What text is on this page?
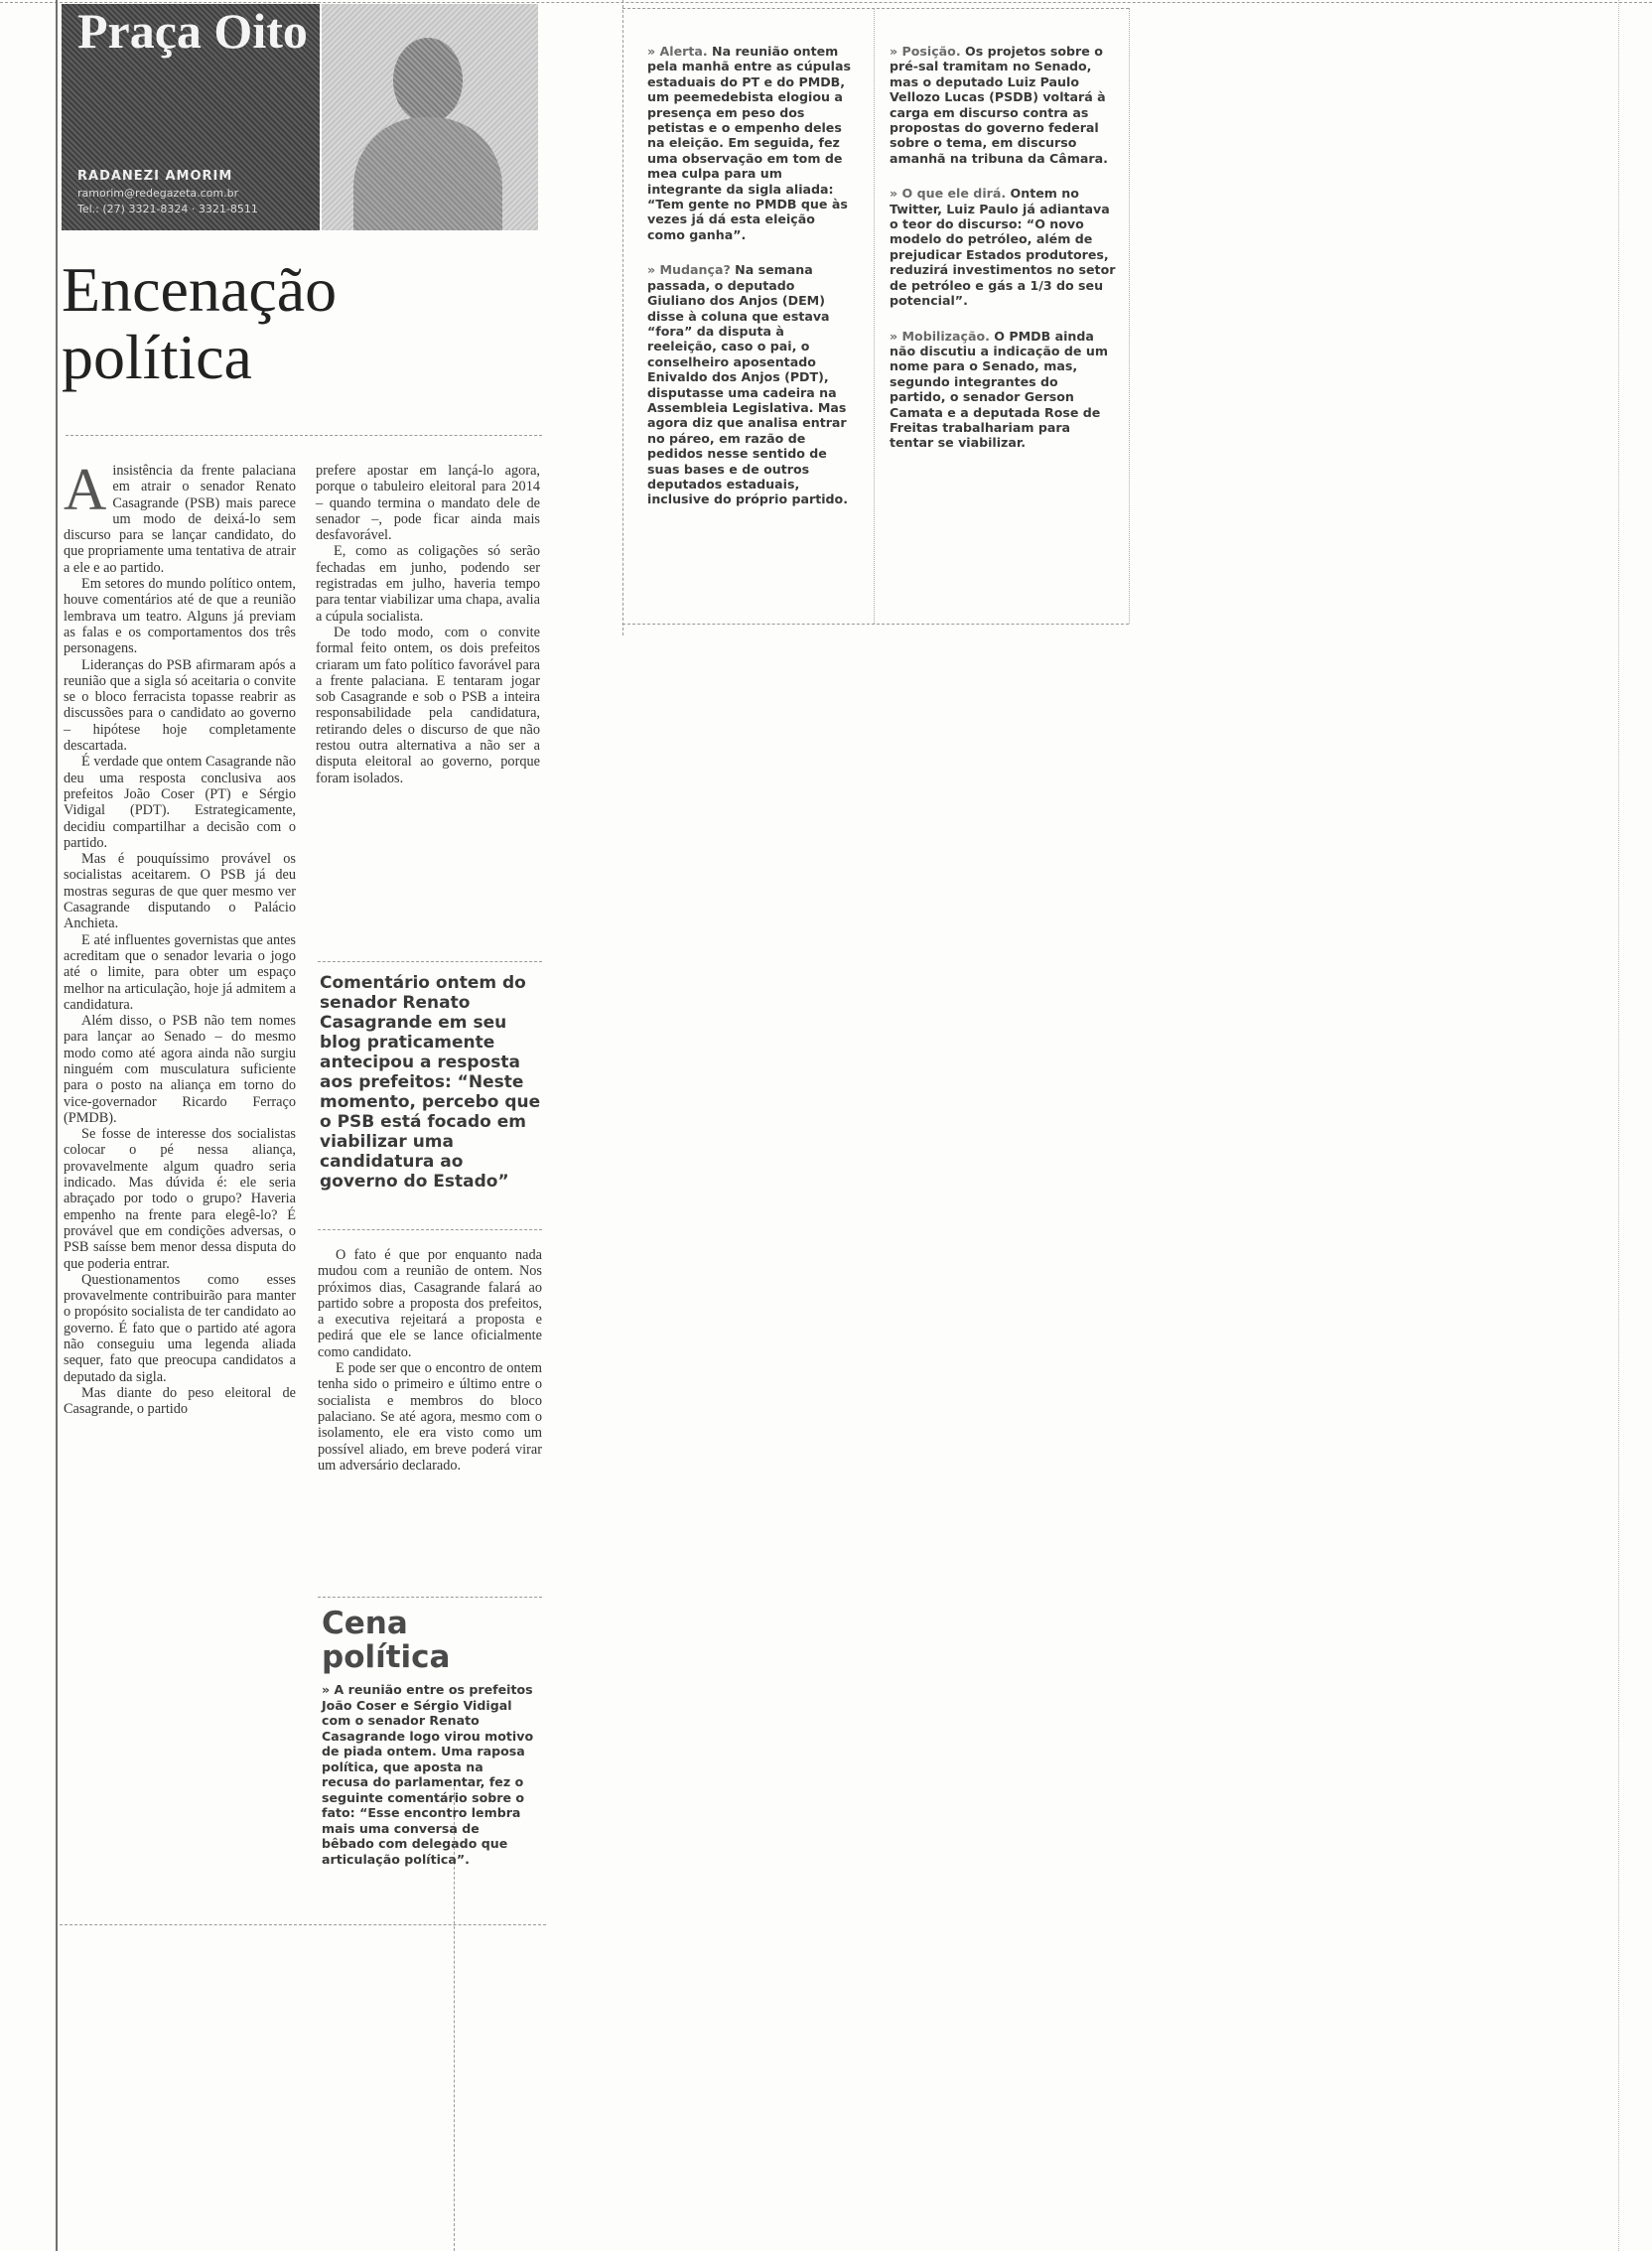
Praça Oito
RADANEZI AMORIM
ramorim@redegazeta.com.br
Tel.: (27) 3321-8324 · 3321-8511
Encenação política

A insistência da frente palaciana em atrair o senador Renato Casagrande (PSB) mais parece um modo de deixá-lo sem discurso para se lançar candidato, do que propriamente uma tentativa de atrair a ele e ao partido.

Em setores do mundo político ontem, houve comentários até de que a reunião lembrava um teatro. Alguns já previam as falas e os comportamentos dos três personagens.

Lideranças do PSB afirmaram após a reunião que a sigla só aceitaria o convite se o bloco ferracista topasse reabrir as discussões para o candidato ao governo – hipótese hoje completamente descartada.

É verdade que ontem Casagrande não deu uma resposta conclusiva aos prefeitos João Coser (PT) e Sérgio Vidigal (PDT). Estrategicamente, decidiu compartilhar a decisão com o partido.

Mas é pouquíssimo provável os socialistas aceitarem. O PSB já deu mostras seguras de que quer mesmo ver Casagrande disputando o Palácio Anchieta.

E até influentes governistas que antes acreditam que o senador levaria o jogo até o limite, para obter um espaço melhor na articulação, hoje já admitem a candidatura.

Além disso, o PSB não tem nomes para lançar ao Senado – do mesmo modo como até agora ainda não surgiu ninguém com musculatura suficiente para o posto na aliança em torno do vice-governador Ricardo Ferraço (PMDB).

Se fosse de interesse dos socialistas colocar o pé nessa aliança, provavelmente algum quadro seria indicado. Mas dúvida é: ele seria abraçado por todo o grupo? Haveria empenho na frente para elegê-lo? É provável que em condições adversas, o PSB saísse bem menor dessa disputa do que poderia entrar.

Questionamentos como esses provavelmente contribuirão para manter o propósito socialista de ter candidato ao governo. É fato que o partido até agora não conseguiu uma legenda aliada sequer, fato que preocupa candidatos a deputado da sigla.

Mas diante do peso eleitoral de Casagrande, o partido

prefere apostar em lançá-lo agora, porque o tabuleiro eleitoral para 2014 – quando termina o mandato dele de senador –, pode ficar ainda mais desfavorável.

E, como as coligações só serão fechadas em junho, podendo ser registradas em julho, haveria tempo para tentar viabilizar uma chapa, avalia a cúpula socialista.

De todo modo, com o convite formal feito ontem, os dois prefeitos criaram um fato político favorável para a frente palaciana. E tentaram jogar sob Casagrande e sob o PSB a inteira responsabilidade pela candidatura, retirando deles o discurso de que não restou outra alternativa a não ser a disputa eleitoral ao governo, porque foram isolados.

Comentário ontem do senador Renato Casagrande em seu blog praticamente antecipou a resposta aos prefeitos: “Neste momento, percebo que o PSB está focado em viabilizar uma candidatura ao governo do Estado”

O fato é que por enquanto nada mudou com a reunião de ontem. Nos próximos dias, Casagrande falará ao partido sobre a proposta dos prefeitos, a executiva rejeitará a proposta e pedirá que ele se lance oficialmente como candidato.

E pode ser que o encontro de ontem tenha sido o primeiro e último entre o socialista e membros do bloco palaciano. Se até agora, mesmo com o isolamento, ele era visto como um possível aliado, em breve poderá virar um adversário declarado.

Cena política

» A reunião entre os prefeitos João Coser e Sérgio Vidigal com o senador Renato Casagrande logo virou motivo de piada ontem. Uma raposa política, que aposta na recusa do parlamentar, fez o seguinte comentário sobre o fato: “Esse encontro lembra mais uma conversa de bêbado com delegado que articulação política”.

» Alerta. Na reunião ontem pela manhã entre as cúpulas estaduais do PT e do PMDB, um peemedebista elogiou a presença em peso dos petistas e o empenho deles na eleição. Em seguida, fez uma observação em tom de mea culpa para um integrante da sigla aliada: “Tem gente no PMDB que às vezes já dá esta eleição como ganha”.

» Mudança? Na semana passada, o deputado Giuliano dos Anjos (DEM) disse à coluna que estava “fora” da disputa à reeleição, caso o pai, o conselheiro aposentado Enivaldo dos Anjos (PDT), disputasse uma cadeira na Assembleia Legislativa. Mas agora diz que analisa entrar no páreo, em razão de pedidos nesse sentido de suas bases e de outros deputados estaduais, inclusive do próprio partido.

» Posição. Os projetos sobre o pré-sal tramitam no Senado, mas o deputado Luiz Paulo Vellozo Lucas (PSDB) voltará à carga em discurso contra as propostas do governo federal sobre o tema, em discurso amanhã na tribuna da Câmara.

» O que ele dirá. Ontem no Twitter, Luiz Paulo já adiantava o teor do discurso: “O novo modelo do petróleo, além de prejudicar Estados produtores, reduzirá investimentos no setor de petróleo e gás a 1/3 do seu potencial”.

» Mobilização. O PMDB ainda não discutiu a indicação de um nome para o Senado, mas, segundo integrantes do partido, o senador Gerson Camata e a deputada Rose de Freitas trabalhariam para tentar se viabilizar.
